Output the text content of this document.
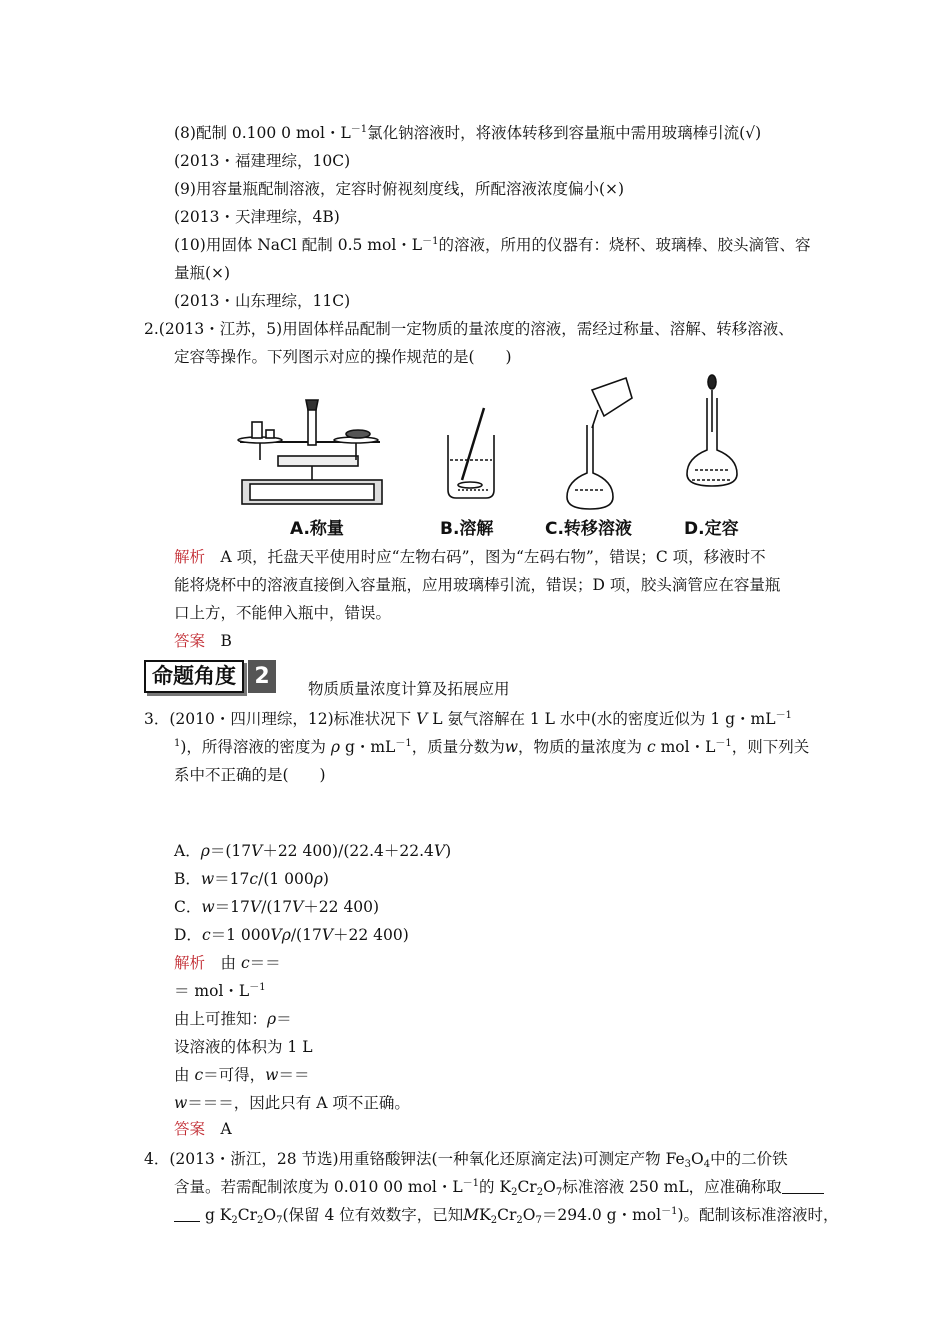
(8)配制 0.100 0 mol・$L^{-1}$氯化钠溶液时，将液体转移到容量瓶中需用玻璃棒引流(√)
(2013・福建理综，10C)
(9)用容量瓶配制溶液，定容时俯视刻度线，所配溶液浓度偏小(×)
(2013・天津理综，4B)
(10)用固体 NaCl 配制 0.5 mol・$L^{-1}$的溶液，所用的仪器有：烧杯、玻璃棒、胶头滴管、容
量瓶(×)
(2013・山东理综，11C)
2.(2013・江苏，5)用固体样品配制一定物质的量浓度的溶液，需经过称量、溶解、转移溶液、
定容等操作。下列图示对应的操作规范的是(　　)
A.称量	B.溶解	C.转移溶液	D.定容
解析　 A 项，托盘天平使用时应“左物右码”，图为“左码右物”，错误；C 项，移液时不
能将烧杯中的溶液直接倒入容量瓶，应用玻璃棒引流，错误；D 项，胶头滴管应在容量瓶
口上方，不能伸入瓶中，错误。
答案　 B
命题角度 2	物质质量浓度计算及拓展应用
3．(2010・四川理综，12)标准状况下 V L 氨气溶解在 1 L 水中(水的密度近似为 1 g・$mL^{-1}$
$^1$)，所得溶液的密度为 ρ g・$mL^{-1}$，质量分数为w，物质的量浓度为 c mol・$L^{-1}$，则下列关
系中不正确的是(　　)
A．ρ＝(17V＋22 400)/(22.4＋22.4V)
B．w＝17c/(1 000ρ)
C．w＝17V/(17V＋22 400)
D．c＝1 000Vρ/(17V＋22 400)
解析　 由 c＝＝
＝ mol・$L^{-1}$
由上可推知：ρ＝
设溶液的体积为 1 L
由 c＝可得，w＝＝
w＝＝＝，因此只有 A 项不正确。
答案　 A
4．(2013・浙江，28 节选)用重铬酸钾法(一种氧化还原滴定法)可测定产物 $Fe_3O_4$中的二价铁
含量。若需配制浓度为 0.010 00 mol・$L^{-1}$的 $K_2Cr_2O_7$标准溶液 250 mL，应准确称取
g $K_2Cr_2O_7$(保留 4 位有效数字，已知$MK_2Cr_2O_7=294.0$ g・mol$^{-1}$)。配制该标准溶液时，
